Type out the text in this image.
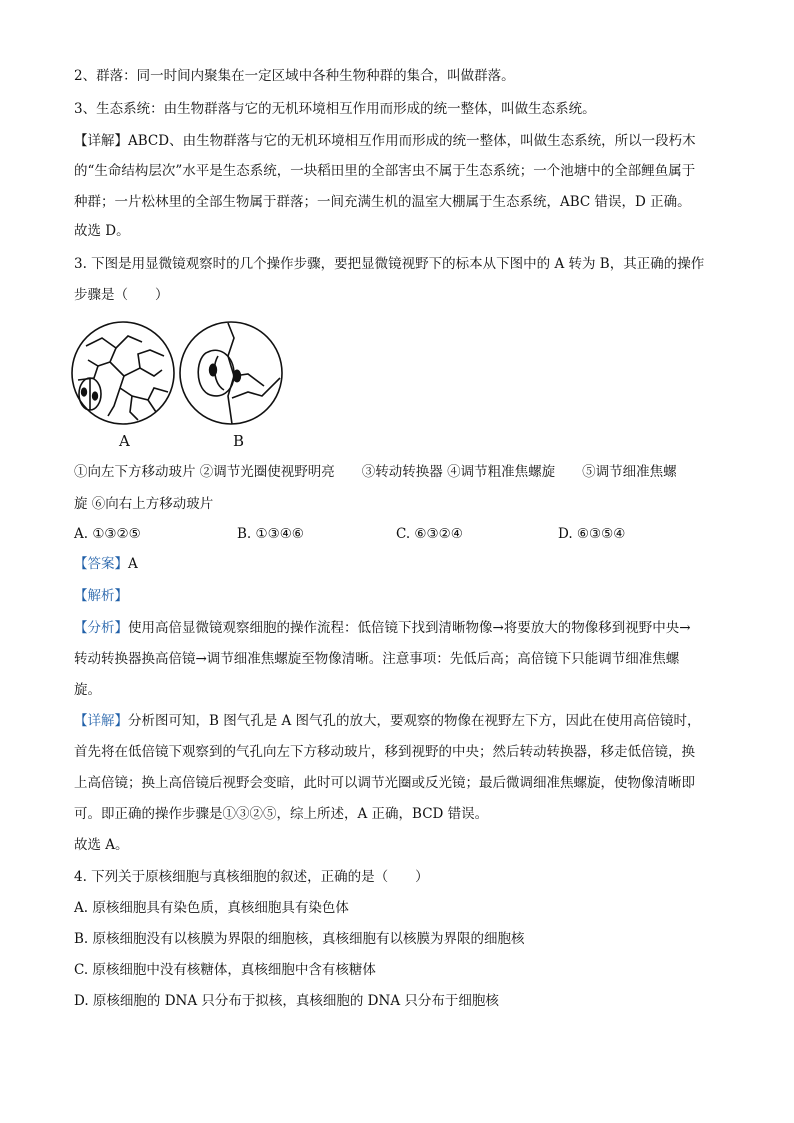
2、群落：同一时间内聚集在一定区域中各种生物种群的集合，叫做群落。
3、生态系统：由生物群落与它的无机环境相互作用而形成的统一整体，叫做生态系统。
【详解】ABCD、由生物群落与它的无机环境相互作用而形成的统一整体，叫做生态系统，所以一段朽木
的“生命结构层次”水平是生态系统，一块稻田里的全部害虫不属于生态系统；一个池塘中的全部鲤鱼属于
种群；一片松林里的全部生物属于群落；一间充满生机的温室大棚属于生态系统，ABC 错误，D 正确。
故选 D。
3. 下图是用显微镜观察时的几个操作步骤，要把显微镜视野下的标本从下图中的 A 转为 B，其正确的操作
步骤是（　　）
A	B
①向左下方移动玻片 ②调节光圈使视野明亮　　③转动转换器 ④调节粗准焦螺旋　　⑤调节细准焦螺
旋 ⑥向右上方移动玻片
A. ①③②⑤	B. ①③④⑥	C. ⑥③②④	D. ⑥③⑤④
【答案】A
【解析】
【分析】使用高倍显微镜观察细胞的操作流程：低倍镜下找到清晰物像→将要放大的物像移到视野中央→
转动转换器换高倍镜→调节细准焦螺旋至物像清晰。注意事项：先低后高；高倍镜下只能调节细准焦螺
旋。
【详解】分析图可知，B 图气孔是 A 图气孔的放大，要观察的物像在视野左下方，因此在使用高倍镜时，
首先将在低倍镜下观察到的气孔向左下方移动玻片，移到视野的中央；然后转动转换器，移走低倍镜，换
上高倍镜；换上高倍镜后视野会变暗，此时可以调节光圈或反光镜；最后微调细准焦螺旋，使物像清晰即
可。即正确的操作步骤是①③②⑤，综上所述，A 正确，BCD 错误。
故选 A。
4. 下列关于原核细胞与真核细胞的叙述，正确的是（　　）
A. 原核细胞具有染色质，真核细胞具有染色体
B. 原核细胞没有以核膜为界限的细胞核，真核细胞有以核膜为界限的细胞核
C. 原核细胞中没有核糖体，真核细胞中含有核糖体
D. 原核细胞的 DNA 只分布于拟核，真核细胞的 DNA 只分布于细胞核
